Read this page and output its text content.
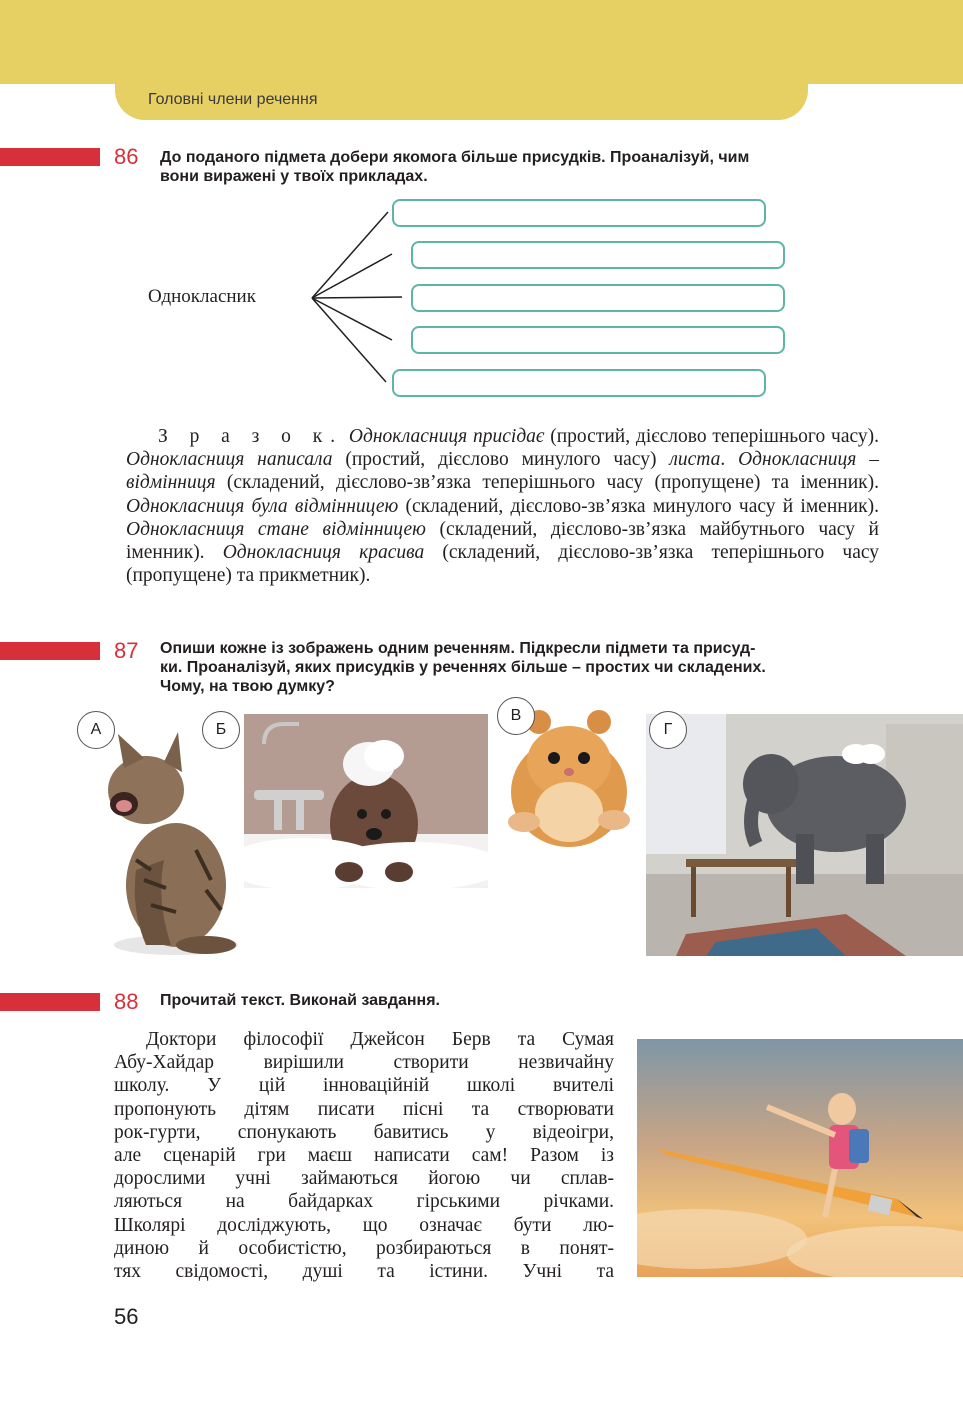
Головні члени речення
86 До поданого підмета добери якомога більше присудків. Проаналізуй, чим
вони виражені у твоїх прикладах.
Однокласник
З р а з о к. Однокласниця присідає (простий, дієслово теперішнього часу). Однокласниця написала (простий, дієслово минулого часу) листа. Однокласниця – відмінниця (складений, дієслово-зв’язка теперішнього часу (пропущене) та іменник). Однокласниця була відмінницею (складений, дієслово-зв’язка минулого часу й іменник). Однокласниця стане відмінницею (складений, дієслово-зв’язка майбутнього часу й іменник). Однокласниця красива (складений, дієслово-зв’язка теперішнього часу (пропущене) та прикметник).
87 Опиши кожне із зображень одним реченням. Підкресли підмети та присуд-
ки. Проаналізуй, яких присудків у реченнях більше – простих чи складених.
Чому, на твою думку?
А	Б
В
Г
88 Прочитай текст. Виконай завдання.
Доктори філософії Джейсон Берв та Сумая
Абу-Хайдар вирішили створити незвичайну
школу. У цій інноваційній школі вчителі
пропонують дітям писати пісні та створювати
рок-гурти, спонукають бавитись у відеоігри,
але сценарій гри маєш написати сам! Разом із
дорослими учні займаються йогою чи сплав-
ляються на байдарках гірськими річками.
Школярі досліджують, що означає бути лю-
диною й особистістю, розбираються в понят-
тях свідомості, душі та істини. Учні та
56
